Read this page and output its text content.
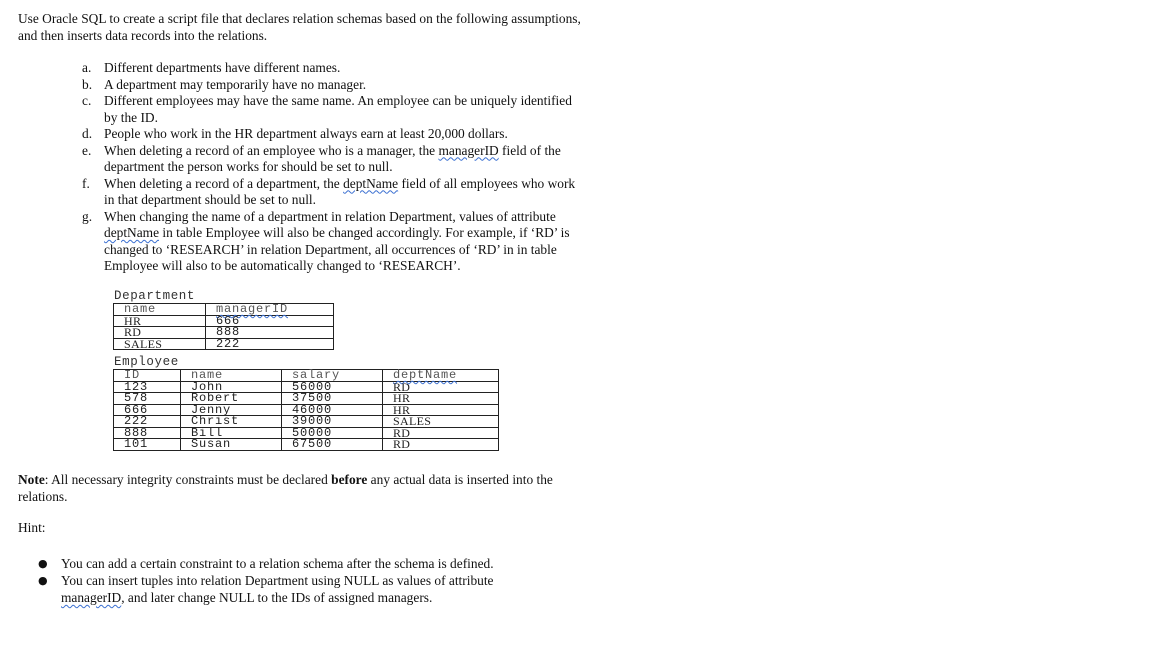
Use Oracle SQL to create a script file that declares relation schemas based on the following assumptions, and then inserts data records into the relations.

a. Different departments have different names.
b. A department may temporarily have no manager.
c. Different employees may have the same name. An employee can be uniquely identified by the ID.
d. People who work in the HR department always earn at least 20,000 dollars.
e. When deleting a record of an employee who is a manager, the managerID field of the department the person works for should be set to null.
f. When deleting a record of a department, the deptName field of all employees who work in that department should be set to null.
g. When changing the name of a department in relation Department, values of attribute deptName in table Employee will also be changed accordingly. For example, if ‘RD’ is changed to ‘RESEARCH’ in relation Department, all occurrences of ‘RD’ in in table Employee will also to be automatically changed to ‘RESEARCH’.
Department
name	managerID
HR	666
RD	888
SALES	222
Employee
ID	name	salary	deptName
123	John	56000	RD
578	Robert	37500	HR
666	Jenny	46000	HR
222	Christ	39000	SALES
888	Bill	50000	RD
101	Susan	67500	RD

Note: All necessary integrity constraints must be declared before any actual data is inserted into the relations.

Hint:

● You can add a certain constraint to a relation schema after the schema is defined.
● You can insert tuples into relation Department using NULL as values of attribute managerID, and later change NULL to the IDs of assigned managers.
